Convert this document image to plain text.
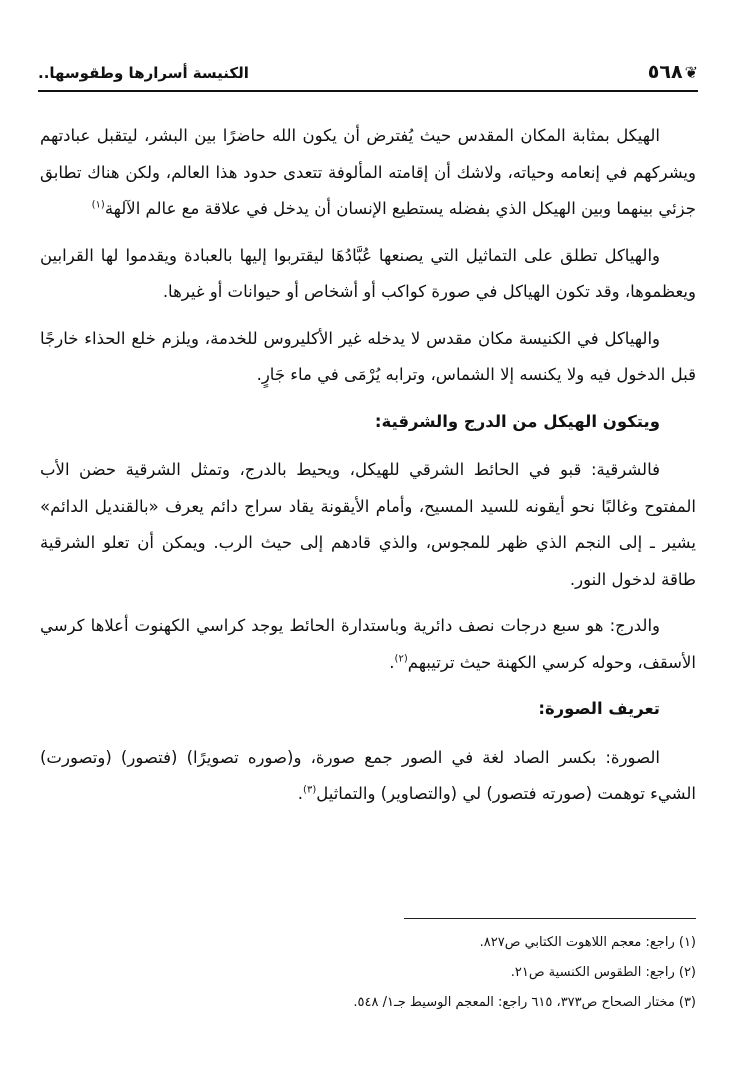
❦٥٦٨
الكنيسة أسرارها وطقوسها..

الهيكل بمثابة المكان المقدس حيث يُفترض أن يكون الله حاضرًا بين البشر، ليتقبل عبادتهم ويشركهم في إنعامه وحياته، ولاشك أن إقامته المألوفة تتعدى حدود هذا العالم، ولكن هناك تطابق جزئي بينهما وبين الهيكل الذي بفضله يستطيع الإنسان أن يدخل في علاقة مع عالم الآلهة$^{(١)}$

والهياكل تطلق على التماثيل التي يصنعها عُبَّادُهَا ليقتربوا إليها بالعبادة ويقدموا لها القرابين ويعظموها، وقد تكون الهياكل في صورة كواكب أو أشخاص أو حيوانات أو غيرها.

والهياكل في الكنيسة مكان مقدس لا يدخله غير الأكليروس للخدمة، ويلزم خلع الحذاء خارجًا قبل الدخول فيه ولا يكنسه إلا الشماس، وترابه يُرْمَى في ماء جَارٍ.

ويتكون الهيكل من الدرج والشرقية:

فالشرقية: قبو في الحائط الشرقي للهيكل، ويحيط بالدرج، وتمثل الشرقية حضن الأب المفتوح وغالبًا نحو أيقونه للسيد المسيح، وأمام الأيقونة يقاد سراج دائم يعرف «بالقنديل الدائم» يشير ـ إلى النجم الذي ظهر للمجوس، والذي قادهم إلى حيث الرب. ويمكن أن تعلو الشرقية طاقة لدخول النور.

والدرج: هو سبع درجات نصف دائرية وباستدارة الحائط يوجد كراسي الكهنوت أعلاها كرسي الأسقف، وحوله كرسي الكهنة حيث ترتيبهم$^{(٢)}$.

تعريف الصورة:

الصورة: بكسر الصاد لغة في الصور جمع صورة، و(صوره تصويرًا) (فتصور) (وتصورت) الشيء توهمت (صورته فتصور) لي (والتصاوير) والتماثيل$^{(٣)}$.

(١) راجع: معجم اللاهوت الكتابي ص٨٢٧.

(٢) راجع: الطقوس الكنسية ص٢١.

(٣) مختار الصحاح ص٣٧٣، ٦١٥ راجع: المعجم الوسيط جـ١/ ٥٤٨.
